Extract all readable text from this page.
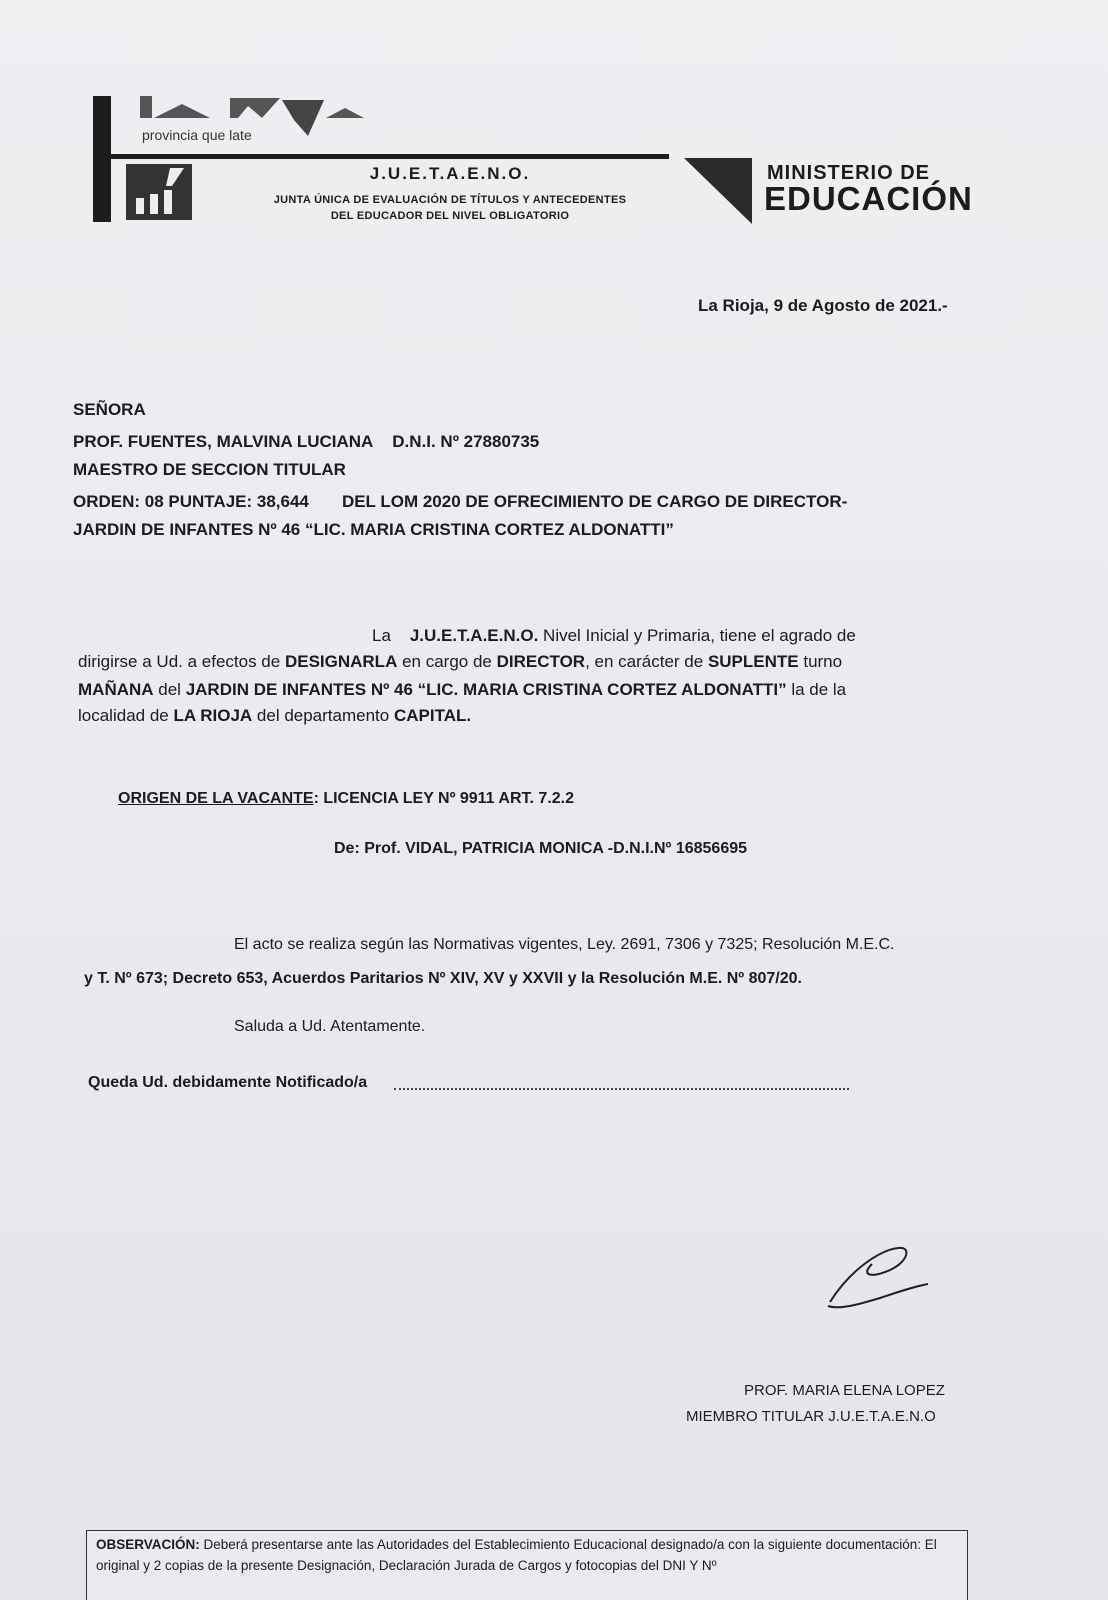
provincia que late
J.U.E.T.A.E.N.O.
JUNTA ÚNICA DE EVALUACIÓN DE TÍTULOS Y ANTECEDENTES
DEL EDUCADOR DEL NIVEL OBLIGATORIO
MINISTERIO DE
EDUCACIÓN
La Rioja, 9 de Agosto de 2021.-
SEÑORA
PROF. FUENTES, MALVINA LUCIANA D.N.I. Nº 27880735
MAESTRO DE SECCION TITULAR
ORDEN: 08 PUNTAJE: 38,644 DEL LOM 2020 DE OFRECIMIENTO DE CARGO DE DIRECTOR-
JARDIN DE INFANTES Nº 46 “LIC. MARIA CRISTINA CORTEZ ALDONATTI”
La J.U.E.T.A.E.N.O. Nivel Inicial y Primaria, tiene el agrado de
dirigirse a Ud. a efectos de DESIGNARLA en cargo de DIRECTOR, en carácter de SUPLENTE turno
MAÑANA del JARDIN DE INFANTES Nº 46 “LIC. MARIA CRISTINA CORTEZ ALDONATTI” la de la
localidad de LA RIOJA del departamento CAPITAL.
ORIGEN DE LA VACANTE: LICENCIA LEY Nº 9911 ART. 7.2.2
De: Prof. VIDAL, PATRICIA MONICA -D.N.I.Nº 16856695
El acto se realiza según las Normativas vigentes, Ley. 2691, 7306 y 7325; Resolución M.E.C.
y T. Nº 673; Decreto 653, Acuerdos Paritarios Nº XIV, XV y XXVII y la Resolución M.E. Nº 807/20.
Saluda a Ud. Atentamente.
Queda Ud. debidamente Notificado/a
PROF. MARIA ELENA LOPEZ
MIEMBRO TITULAR J.U.E.T.A.E.N.O
OBSERVACIÓN: Deberá presentarse ante las Autoridades del Establecimiento Educacional designado/a con la siguiente documentación: El original y 2 copias de la presente Designación, Declaración Jurada de Cargos y fotocopias del DNI Y Nº
